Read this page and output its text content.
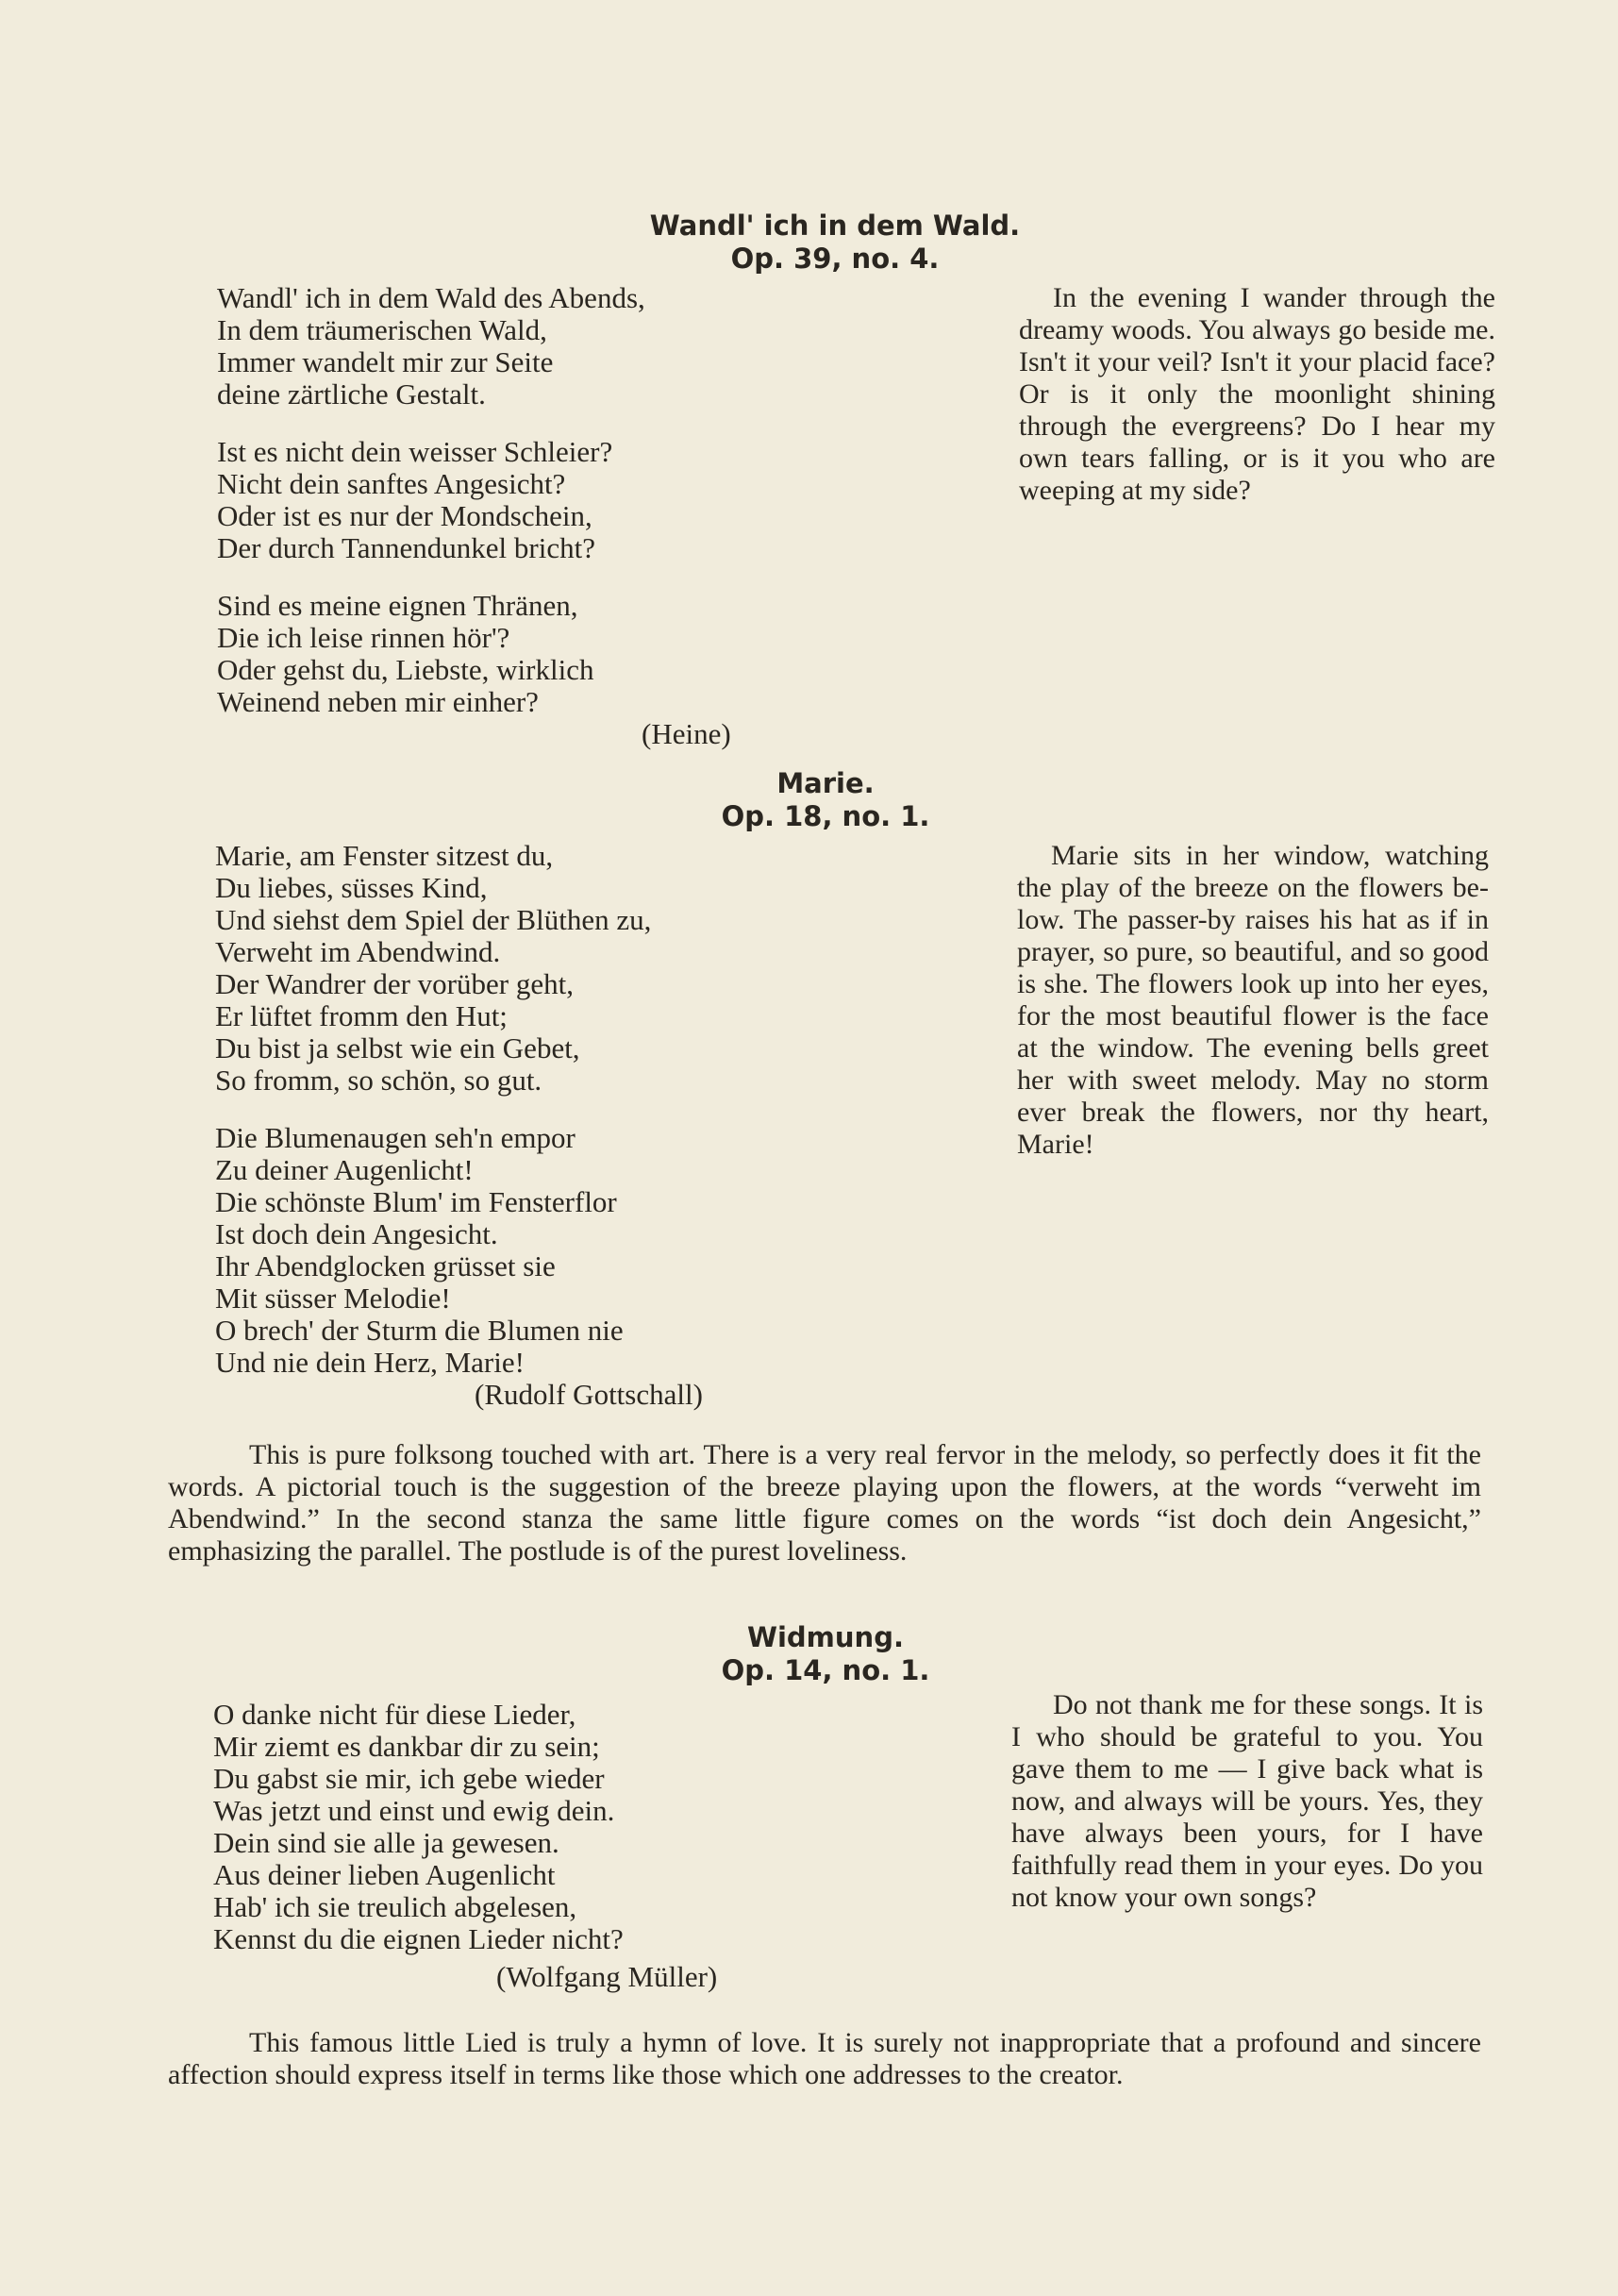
Wandl' ich in dem Wald.
Op. 39, no. 4.
Wandl' ich in dem Wald des Abends,
In dem träumerischen Wald,
Immer wandelt mir zur Seite
deine zärtliche Gestalt.
Ist es nicht dein weisser Schleier?
Nicht dein sanftes Angesicht?
Oder ist es nur der Mondschein,
Der durch Tannendunkel bricht?
Sind es meine eignen Thränen,
Die ich leise rinnen hör'?
Oder gehst du, Liebste, wirklich
Weinend neben mir einher?
(Heine)
In the evening I wander through the dreamy woods. You always go beside me. Isn't it your veil? Isn't it your placid face? Or is it only the moonlight shining through the evergreens? Do I hear my own tears falling, or is it you who are weeping at my side?
Marie.
Op. 18, no. 1.
Marie, am Fenster sitzest du,
Du liebes, süsses Kind,
Und siehst dem Spiel der Blüthen zu,
Verweht im Abendwind.
Der Wandrer der vorüber geht,
Er lüftet fromm den Hut;
Du bist ja selbst wie ein Gebet,
So fromm, so schön, so gut.
Die Blumenaugen seh'n empor
Zu deiner Augenlicht!
Die schönste Blum' im Fensterflor
Ist doch dein Angesicht.
Ihr Abendglocken grüsset sie
Mit süsser Melodie!
O brech' der Sturm die Blumen nie
Und nie dein Herz, Marie!
(Rudolf Gottschall)
Marie sits in her window, watching the play of the breeze on the flowers below. The passer-by raises his hat as if in prayer, so pure, so beautiful, and so good is she. The flowers look up into her eyes, for the most beautiful flower is the face at the window. The evening bells greet her with sweet melody. May no storm ever break the flowers, nor thy heart, Marie!

This is pure folksong touched with art. There is a very real fervor in the melody, so perfectly does it fit the words. A pictorial touch is the suggestion of the breeze playing upon the flowers, at the words “verweht im Abendwind.” In the second stanza the same little figure comes on the words “ist doch dein Angesicht,” emphasizing the parallel. The postlude is of the purest loveliness.

Widmung.
Op. 14, no. 1.
O danke nicht für diese Lieder,
Mir ziemt es dankbar dir zu sein;
Du gabst sie mir, ich gebe wieder
Was jetzt und einst und ewig dein.
Dein sind sie alle ja gewesen.
Aus deiner lieben Augenlicht
Hab' ich sie treulich abgelesen,
Kennst du die eignen Lieder nicht?
(Wolfgang Müller)
Do not thank me for these songs. It is I who should be grateful to you. You gave them to me — I give back what is now, and always will be yours. Yes, they have always been yours, for I have faithfully read them in your eyes. Do you not know your own songs?

This famous little Lied is truly a hymn of love. It is surely not inappropriate that a profound and sincere affection should express itself in terms like those which one addresses to the creator.
